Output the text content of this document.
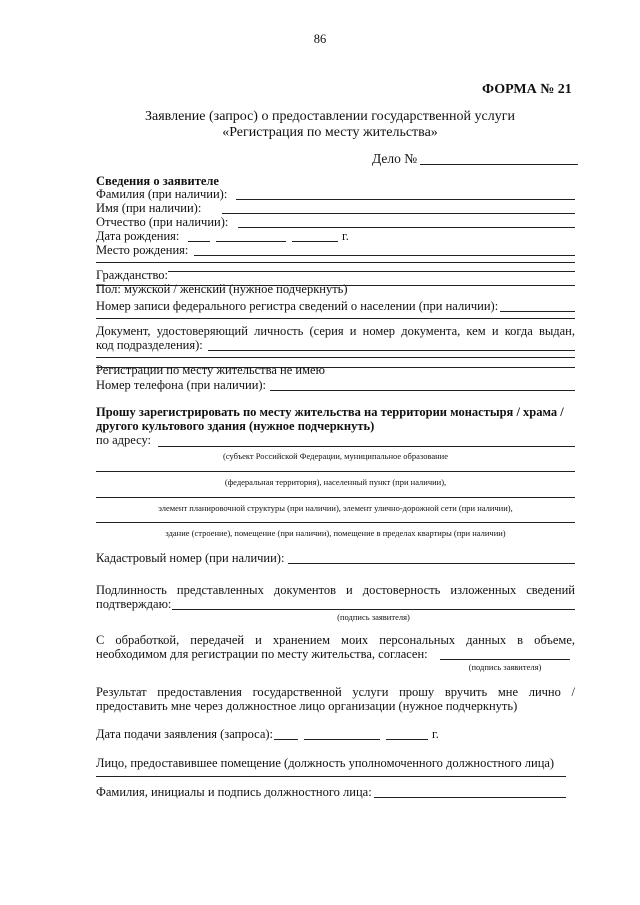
86
ФОРМА № 21
Заявление (запрос) о предоставлении государственной услуги
«Регистрация по месту жительства»
Дело №
Сведения о заявителе
Фамилия (при наличии):
Имя (при наличии):
Отчество (при наличии):
Дата рождения:	г.
Место рождения:
Гражданство:
Пол: мужской / женский (нужное подчеркнуть)
Номер записи федерального регистра сведений о населении (при наличии):
Документ, удостоверяющий личность (серия и номер документа, кем и когда выдан,
код подразделения):
Регистрации по месту жительства не имею
Номер телефона (при наличии):
Прошу зарегистрировать по месту жительства на территории монастыря / храма /
другого культового здания (нужное подчеркнуть)
по адресу:
(субъект Российской Федерации, муниципальное образование
(федеральная территория), населенный пункт (при наличии),
элемент планировочной структуры (при наличии), элемент улично-дорожной сети (при наличии),
здание (строение), помещение (при наличии), помещение в пределах квартиры (при наличии)
Кадастровый номер (при наличии):
Подлинность представленных документов и достоверность изложенных сведений
подтверждаю:
(подпись заявителя)
С обработкой, передачей и хранением моих персональных данных в объеме,
необходимом для регистрации по месту жительства, согласен:
(подпись заявителя)
Результат предоставления государственной услуги прошу вручить мне лично /
предоставить мне через должностное лицо организации (нужное подчеркнуть)
Дата подачи заявления (запроса):	г.
Лицо, предоставившее помещение (должность уполномоченного должностного лица)
Фамилия, инициалы и подпись должностного лица:
